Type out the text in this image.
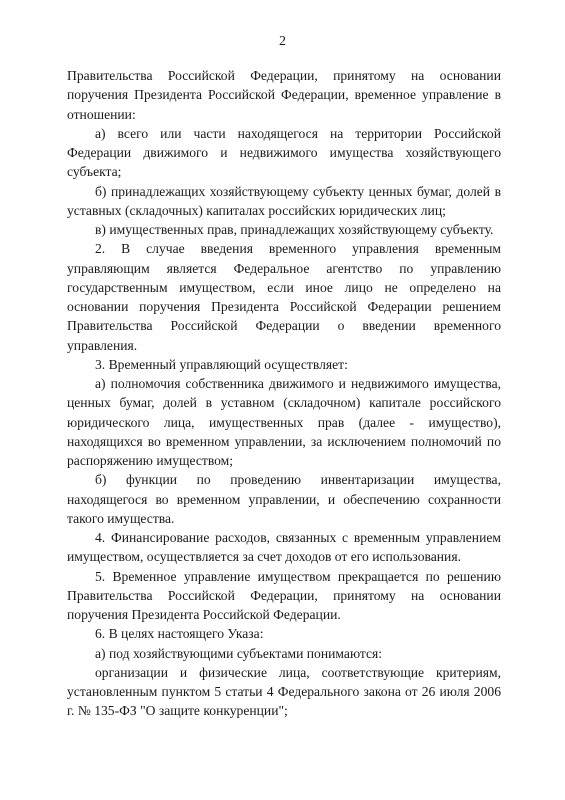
2

Правительства Российской Федерации, принятому на основании поручения Президента Российской Федерации, временное управление в отношении:

а) всего или части находящегося на территории Российской Федерации движимого и недвижимого имущества хозяйствующего субъекта;

б) принадлежащих хозяйствующему субъекту ценных бумаг, долей в уставных (складочных) капиталах российских юридических лиц;

в) имущественных прав, принадлежащих хозяйствующему субъекту.

2. В случае введения временного управления временным управляющим является Федеральное агентство по управлению государственным имуществом, если иное лицо не определено на основании поручения Президента Российской Федерации решением Правительства Российской Федерации о введении временного управления.

3. Временный управляющий осуществляет:

а) полномочия собственника движимого и недвижимого имущества, ценных бумаг, долей в уставном (складочном) капитале российского юридического лица, имущественных прав (далее - имущество), находящихся во временном управлении, за исключением полномочий по распоряжению имуществом;

б) функции по проведению инвентаризации имущества, находящегося во временном управлении, и обеспечению сохранности такого имущества.

4. Финансирование расходов, связанных с временным управлением имуществом, осуществляется за счет доходов от его использования.

5. Временное управление имуществом прекращается по решению Правительства Российской Федерации, принятому на основании поручения Президента Российской Федерации.

6. В целях настоящего Указа:

а) под хозяйствующими субъектами понимаются:

организации и физические лица, соответствующие критериям, установленным пунктом 5 статьи 4 Федерального закона от 26 июля 2006 г. № 135-ФЗ "О защите конкуренции";
